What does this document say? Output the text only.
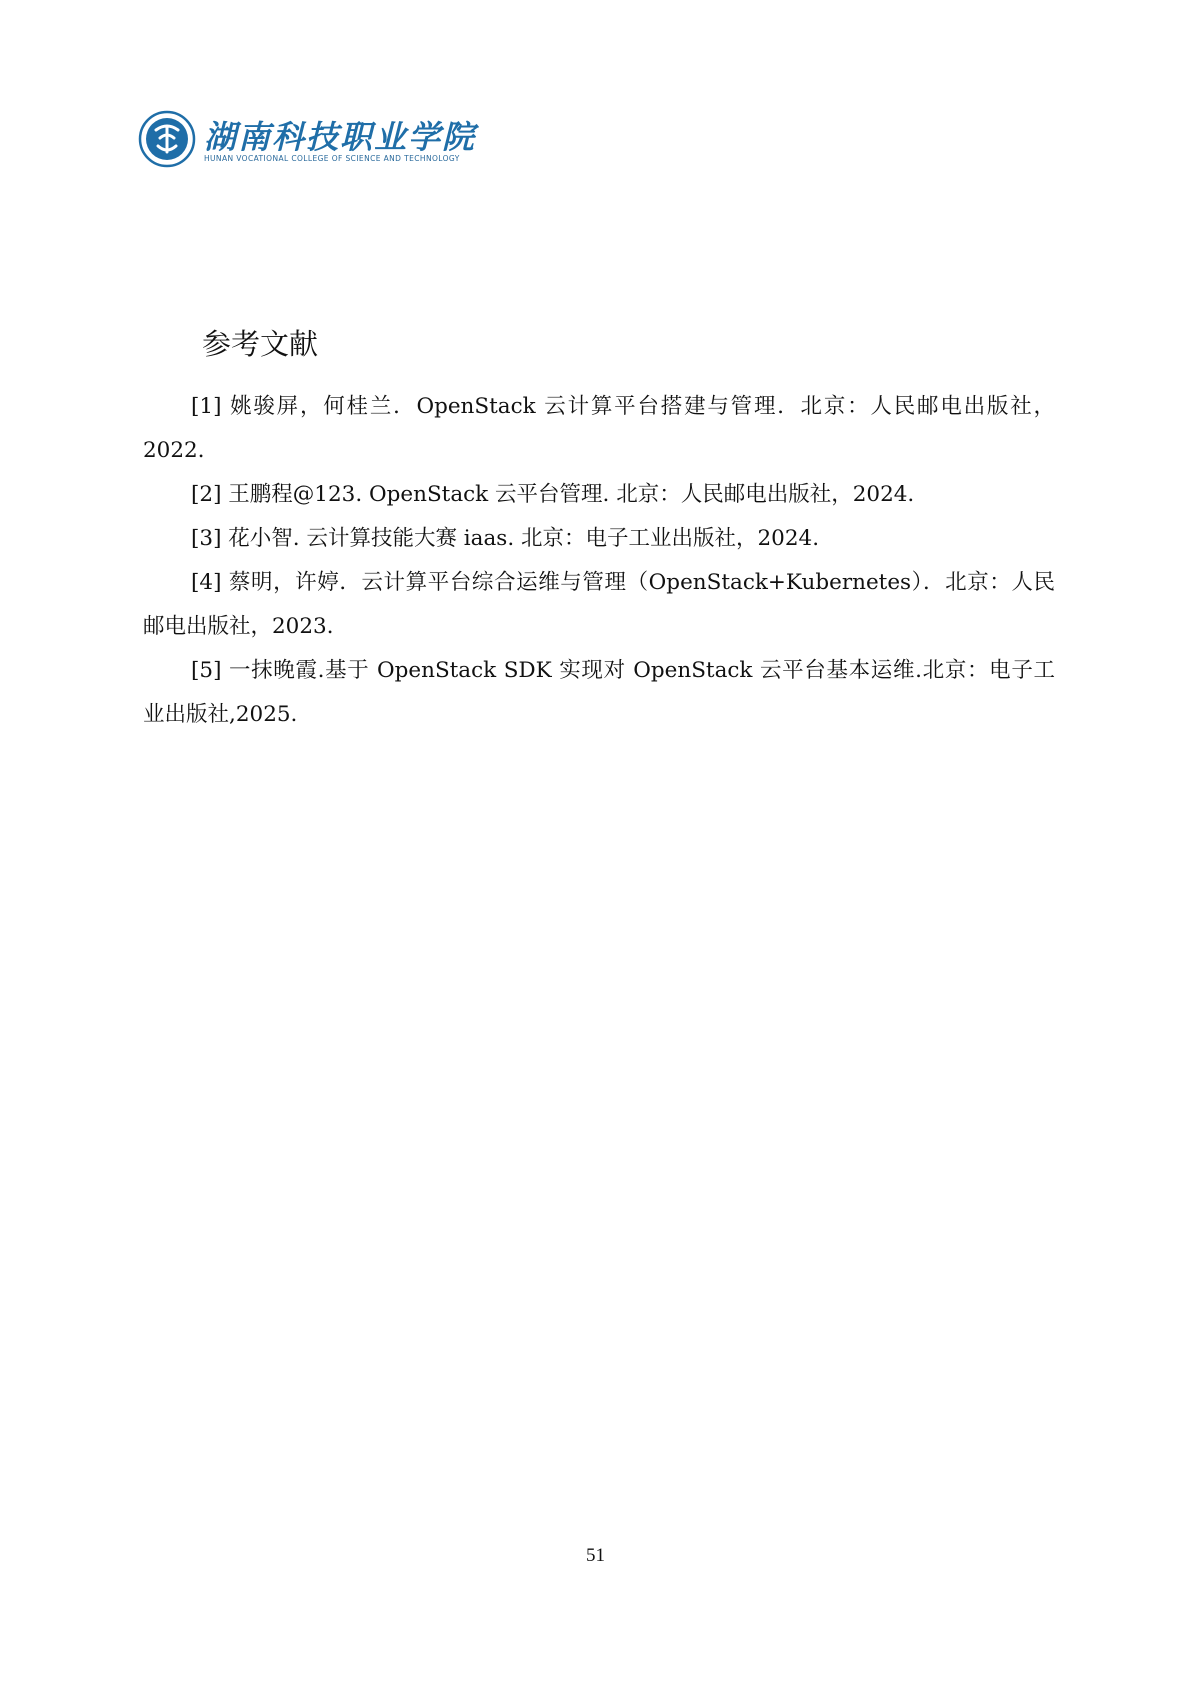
湖南科技职业学院
HUNAN VOCATIONAL COLLEGE OF SCIENCE AND TECHNOLOGY
参考文献
[1] 姚骏屏，何桂兰．OpenStack 云计算平台搭建与管理．北京：人民邮电出版社，2022．
[2] 王鹏程@123. OpenStack 云平台管理. 北京：人民邮电出版社，2024.
[3] 花小智. 云计算技能大赛 iaas. 北京：电子工业出版社，2024.
[4] 蔡明，许婷．云计算平台综合运维与管理（OpenStack+Kubernetes）．北京：人民邮电出版社，2023．
[5] 一抹晚霞.基于 OpenStack SDK 实现对 OpenStack 云平台基本运维.北京：电子工业出版社,2025.
51
